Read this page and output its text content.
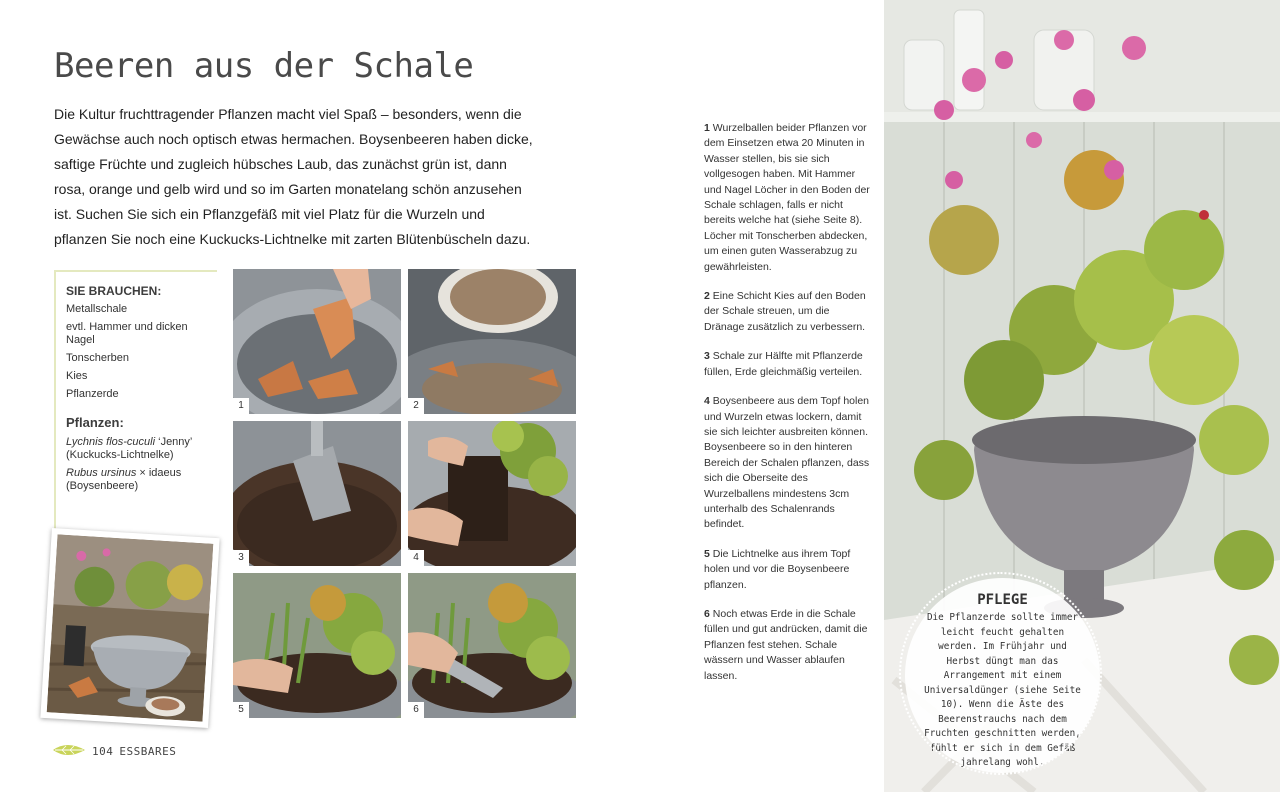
Beeren aus der Schale

Die Kultur fruchttragender Pflanzen macht viel Spaß – besonders, wenn die Gewächse auch noch optisch etwas hermachen. Boysenbeeren haben dicke, saftige Früchte und zugleich hübsches Laub, das zunächst grün ist, dann rosa, orange und gelb wird und so im Garten monatelang schön anzusehen ist. Suchen Sie sich ein Pflanzgefäß mit viel Platz für die Wurzeln und pflanzen Sie noch eine Kuckucks-Lichtnelke mit zarten Blütenbüscheln dazu.

SIE BRAUCHEN:
Metallschale
evtl. Hammer und dicken Nagel
Tonscherben
Kies
Pflanzerde
Pflanzen:
Lychnis flos-cuculi ‘Jenny’
(Kuckucks-Lichtnelke)
Rubus ursinus × idaeus
(Boysenbeere)
1	2
3	4
5	6

1 Wurzelballen beider Pflanzen vor dem Einsetzen etwa 20 Minuten in Wasser stellen, bis sie sich vollgesogen haben. Mit Hammer und Nagel Löcher in den Boden der Schale schlagen, falls er nicht bereits welche hat (siehe Seite 8). Löcher mit Tonscherben abdecken, um einen guten Wasserabzug zu gewährleisten.

2 Eine Schicht Kies auf den Boden der Schale streuen, um die Dränage zusätzlich zu verbessern.

3 Schale zur Hälfte mit Pflanzerde füllen, Erde gleichmäßig verteilen.

4 Boysenbeere aus dem Topf holen und Wurzeln etwas lockern, damit sie sich leichter ausbreiten können. Boysenbeere so in den hinteren Bereich der Schalen pflanzen, dass sich die Oberseite des Wurzelballens mindestens 3cm unterhalb des Schalenrands befindet.

5 Die Lichtnelke aus ihrem Topf holen und vor die Boysenbeere pflanzen.

6 Noch etwas Erde in die Schale füllen und gut andrücken, damit die Pflanzen fest stehen. Schale wässern und Wasser ablaufen lassen.

104 ESSBARES
PFLEGE

Die Pflanzerde sollte immer leicht feucht gehalten werden. Im Frühjahr und Herbst düngt man das Arrangement mit einem Universaldünger (siehe Seite 10). Wenn die Äste des Beerenstrauchs nach dem Fruchten geschnitten werden, fühlt er sich in dem Gefäß jahrelang wohl.
